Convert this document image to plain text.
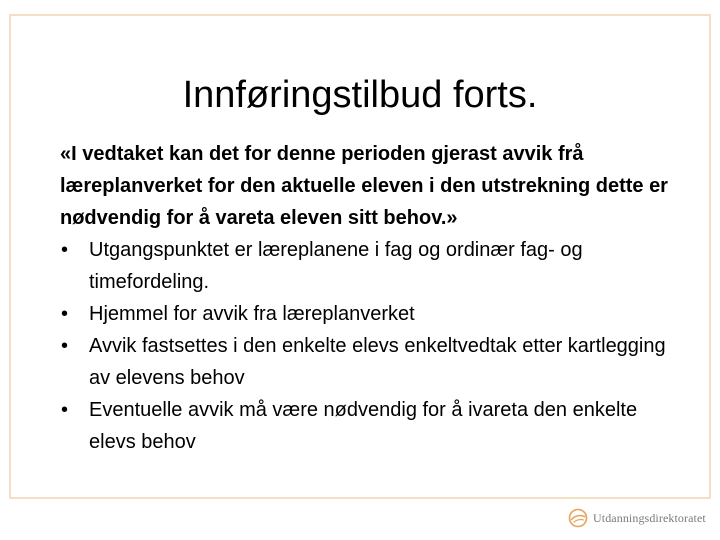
Innføringstilbud forts.

«I vedtaket kan det for denne perioden gjerast avvik frå læreplanverket for den aktuelle eleven i den utstrekning dette er nødvendig for å vareta eleven sitt behov.»

• Utgangspunktet er læreplanene i fag og ordinær fag- og timefordeling.
• Hjemmel for avvik fra læreplanverket
• Avvik fastsettes i den enkelte elevs enkeltvedtak etter kartlegging av elevens behov
• Eventuelle avvik må være nødvendig for å ivareta den enkelte elevs behov
Utdanningsdirektoratet
